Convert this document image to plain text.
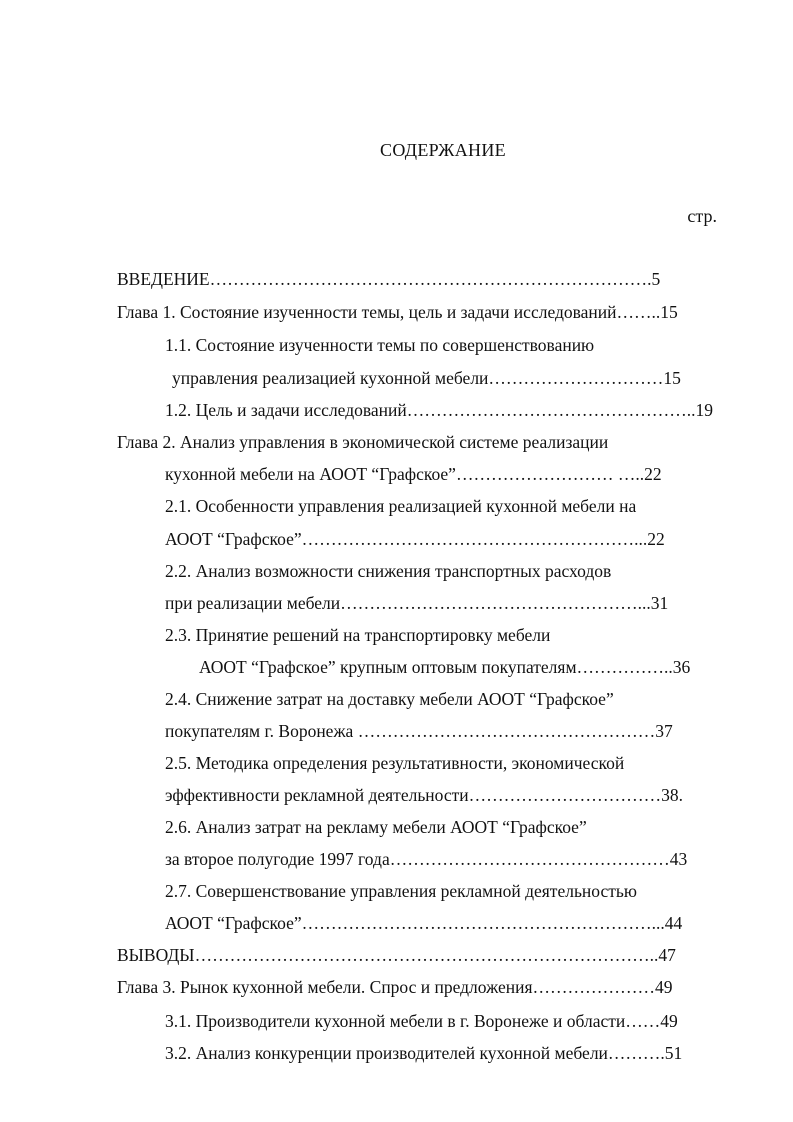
СОДЕРЖАНИЕ
стр.
ВВЕДЕНИЕ………………………………………………………………….5
Глава 1. Состояние изученности темы, цель и задачи исследований……..15
1.1. Состояние изученности темы по совершенствованию
управления реализацией кухонной мебели…………………………15
1.2. Цель и задачи исследований…………………………………………..19
Глава 2. Анализ управления в экономической системе реализации
кухонной мебели на АООТ “Графское”……………………… …..22
2.1. Особенности управления реализацией кухонной мебели на
АООТ “Графское”…………………………………………………...22
2.2. Анализ возможности снижения транспортных расходов
при реализации мебели……………………………………………...31
2.3. Принятие решений на транспортировку мебели
АООТ “Графское” крупным оптовым покупателям……………..36
2.4. Снижение затрат на доставку мебели АООТ “Графское”
покупателям г. Воронежа ……………………………………………37
2.5. Методика определения результативности, экономической
эффективности рекламной деятельности……………………………38.
2.6. Анализ затрат на рекламу мебели АООТ “Графское”
за второе полугодие 1997 года…………………………………………43
2.7. Совершенствование управления рекламной деятельностью
АООТ “Графское”……………………………………………………...44
ВЫВОДЫ……………………………………………………………………..47
Глава 3. Рынок кухонной мебели. Спрос и предложения…………………49
3.1. Производители кухонной мебели в г. Воронеже и области……49
3.2. Анализ конкуренции производителей кухонной мебели……….51
